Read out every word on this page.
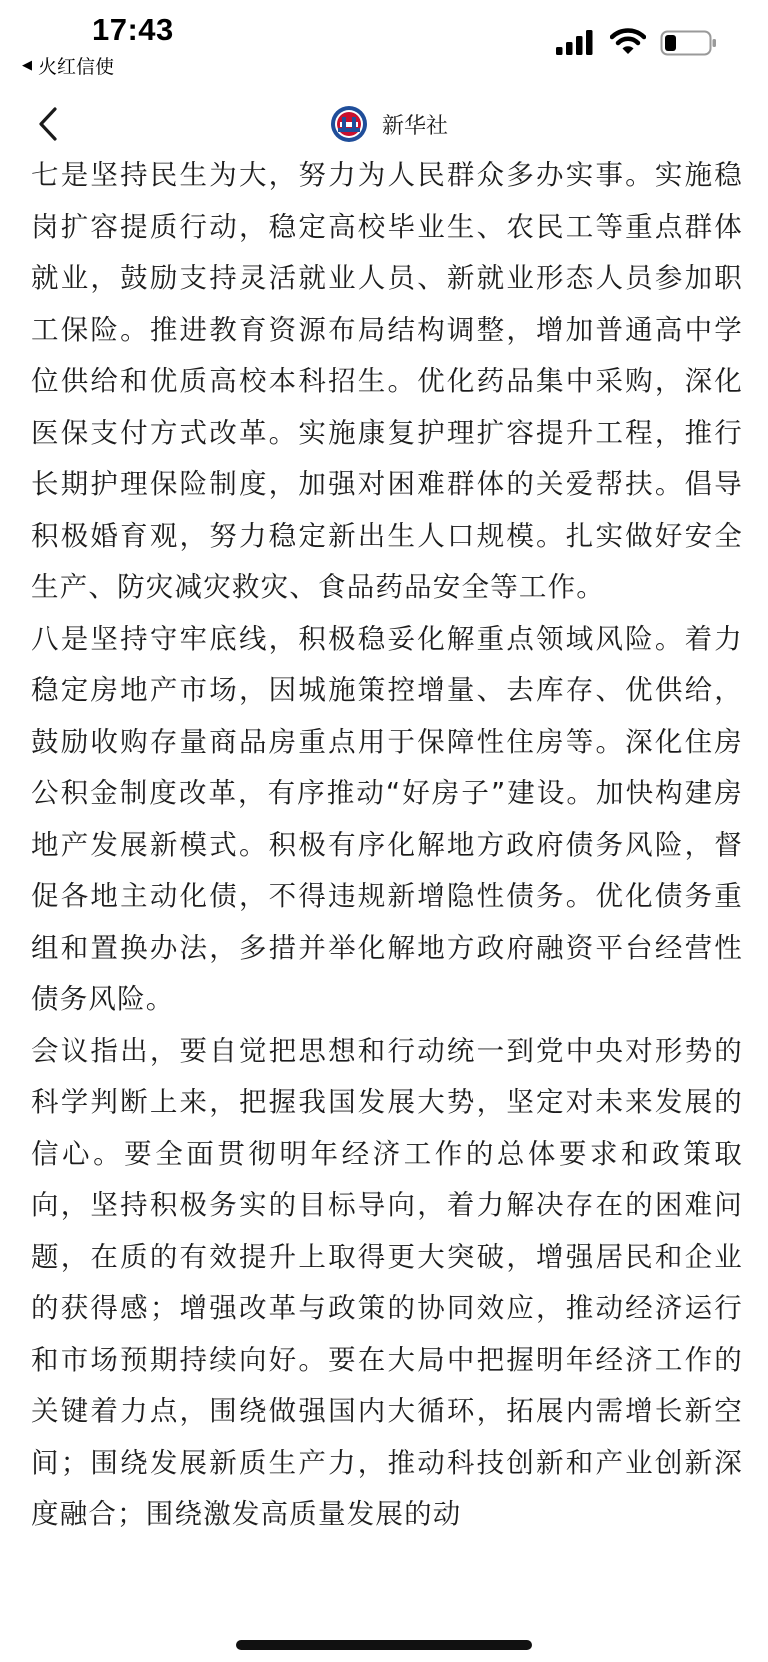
17:43
◀ 火红信使
新华社

七是坚持民生为大，努力为人民群众多办实事。实施稳岗扩容提质行动，稳定高校毕业生、农民工等重点群体就业，鼓励支持灵活就业人员、新就业形态人员参加职工保险。推进教育资源布局结构调整，增加普通高中学位供给和优质高校本科招生。优化药品集中采购，深化医保支付方式改革。实施康复护理扩容提升工程，推行长期护理保险制度，加强对困难群体的关爱帮扶。倡导积极婚育观，努力稳定新出生人口规模。扎实做好安全生产、防灾减灾救灾、食品药品安全等工作。

八是坚持守牢底线，积极稳妥化解重点领域风险。着力稳定房地产市场，因城施策控增量、去库存、优供给，鼓励收购存量商品房重点用于保障性住房等。深化住房公积金制度改革，有序推动“好房子”建设。加快构建房地产发展新模式。积极有序化解地方政府债务风险，督促各地主动化债，不得违规新增隐性债务。优化债务重组和置换办法，多措并举化解地方政府融资平台经营性债务风险。

会议指出，要自觉把思想和行动统一到党中央对形势的科学判断上来，把握我国发展大势，坚定对未来发展的信心。要全面贯彻明年经济工作的总体要求和政策取向，坚持积极务实的目标导向，着力解决存在的困难问题，在质的有效提升上取得更大突破，增强居民和企业的获得感；增强改革与政策的协同效应，推动经济运行和市场预期持续向好。要在大局中把握明年经济工作的关键着力点，围绕做强国内大循环，拓展内需增长新空间；围绕发展新质生产力，推动科技创新和产业创新深度融合；围绕激发高质量发展的动
